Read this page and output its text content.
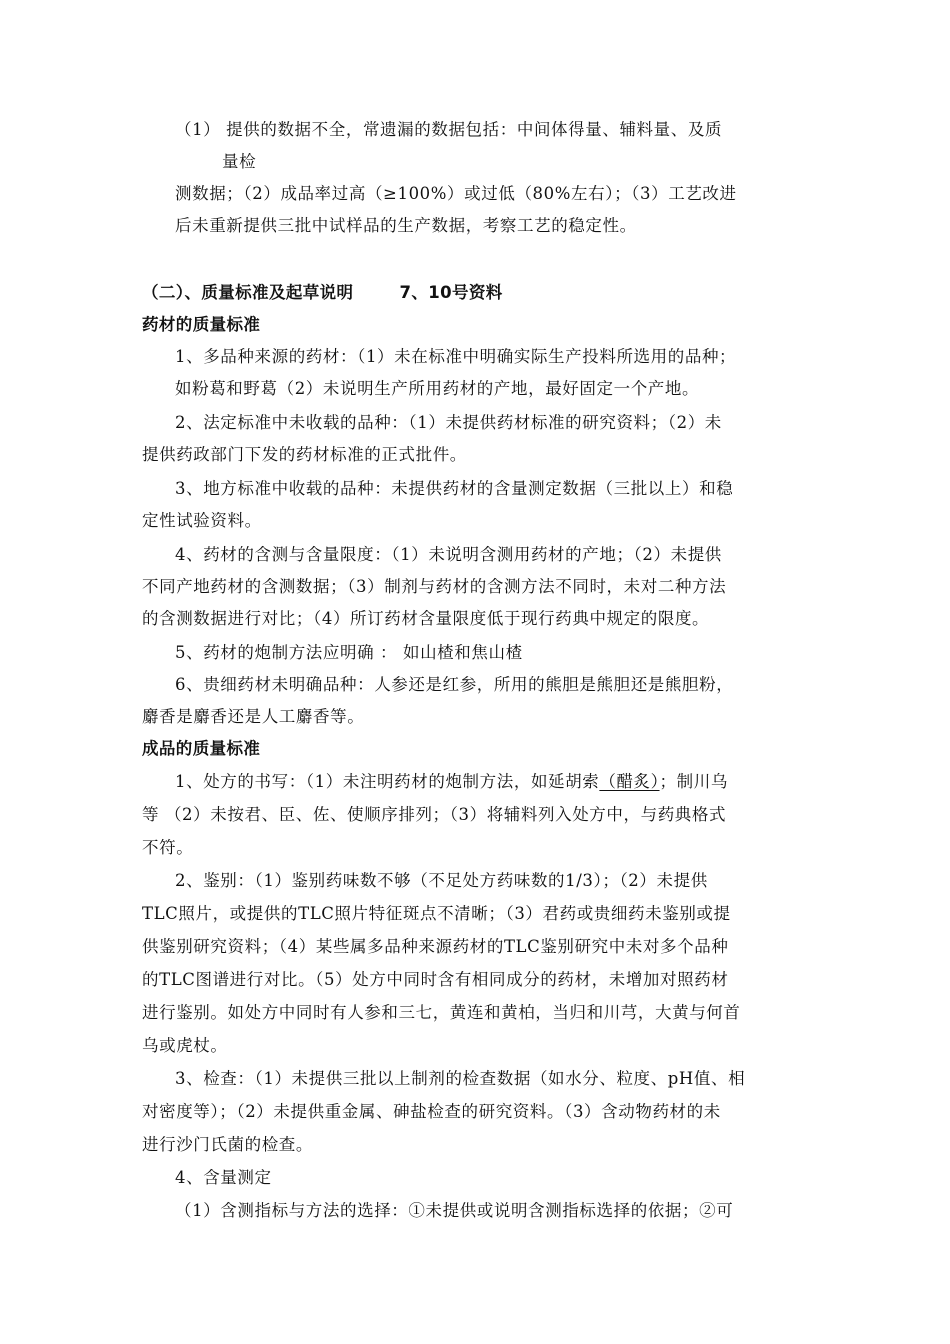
（1） 提供的数据不全，常遗漏的数据包括：中间体得量、辅料量、及质
量检
测数据；（2）成品率过高（≥100%）或过低（80%左右）；（3）工艺改进
后未重新提供三批中试样品的生产数据，考察工艺的稳定性。
（二）、质量标准及起草说明	7、10号资料
药材的质量标准
1、多品种来源的药材：（1）未在标准中明确实际生产投料所选用的品种；
如粉葛和野葛（2）未说明生产所用药材的产地，最好固定一个产地。
2、法定标准中未收载的品种：（1）未提供药材标准的研究资料；（2）未
提供药政部门下发的药材标准的正式批件。
3、地方标准中收载的品种：未提供药材的含量测定数据（三批以上）和稳
定性试验资料。
4、药材的含测与含量限度：（1）未说明含测用药材的产地；（2）未提供
不同产地药材的含测数据；（3）制剂与药材的含测方法不同时，未对二种方法
的含测数据进行对比；（4）所订药材含量限度低于现行药典中规定的限度。
5、药材的炮制方法应明确 ： 如山楂和焦山楂
6、贵细药材未明确品种：人参还是红参，所用的熊胆是熊胆还是熊胆粉，
麝香是麝香还是人工麝香等。
成品的质量标准
1、处方的书写：（1）未注明药材的炮制方法，如延胡索（醋炙）；制川乌
等 （2）未按君、臣、佐、使顺序排列；（3）将辅料列入处方中，与药典格式
不符。
2、鉴别：（1）鉴别药味数不够（不足处方药味数的1/3）；（2）未提供
TLC照片，或提供的TLC照片特征斑点不清晰；（3）君药或贵细药未鉴别或提
供鉴别研究资料；（4）某些属多品种来源药材的TLC鉴别研究中未对多个品种
的TLC图谱进行对比。（5）处方中同时含有相同成分的药材，未增加对照药材
进行鉴别。如处方中同时有人参和三七，黄连和黄柏，当归和川芎，大黄与何首
乌或虎杖。
3、检查：（1）未提供三批以上制剂的检查数据（如水分、粒度、pH值、相
对密度等）；（2）未提供重金属、砷盐检查的研究资料。（3）含动物药材的未
进行沙门氏菌的检查。
4、含量测定
（1）含测指标与方法的选择：①未提供或说明含测指标选择的依据；②可
